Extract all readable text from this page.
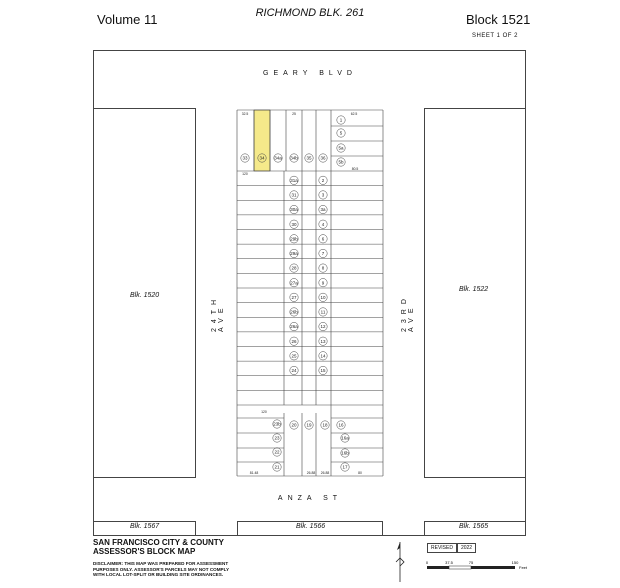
Volume 11	RICHMOND BLK. 261	Block 1521
SHEET 1 OF 2
GEARY BLVD
ANZA ST
24TH AVE	23RD AVE
Blk. 1520
Blk. 1522
Blk. 1567	Blk. 1566	Blk. 1565
33	34 34a 34b 35 36
1
5a
5
5b
31a
31
30a
30
29b
29a
28
27a
27
26b
26a
26
25
24
2
3
3a
4
6
7
8
9
10
11
12
13
14
15
23b
23
22
21
20 19 18 16
16a
16b
17
32.5	25	62.5
120
80.5
120
81.48	26.88 26.88	80
SAN FRANCISCO CITY & COUNTY
ASSESSOR'S BLOCK MAP
DISCLAIMER: THIS MAP WAS PREPARED FOR ASSESSMENT PURPOSES ONLY. ASSESSOR'S PARCELS MAY NOT COMPLY WITH LOCAL LOT-SPLIT OR BUILDING SITE ORDINANCES.
REVISED 2022
0	37.5	75	150
Feet
